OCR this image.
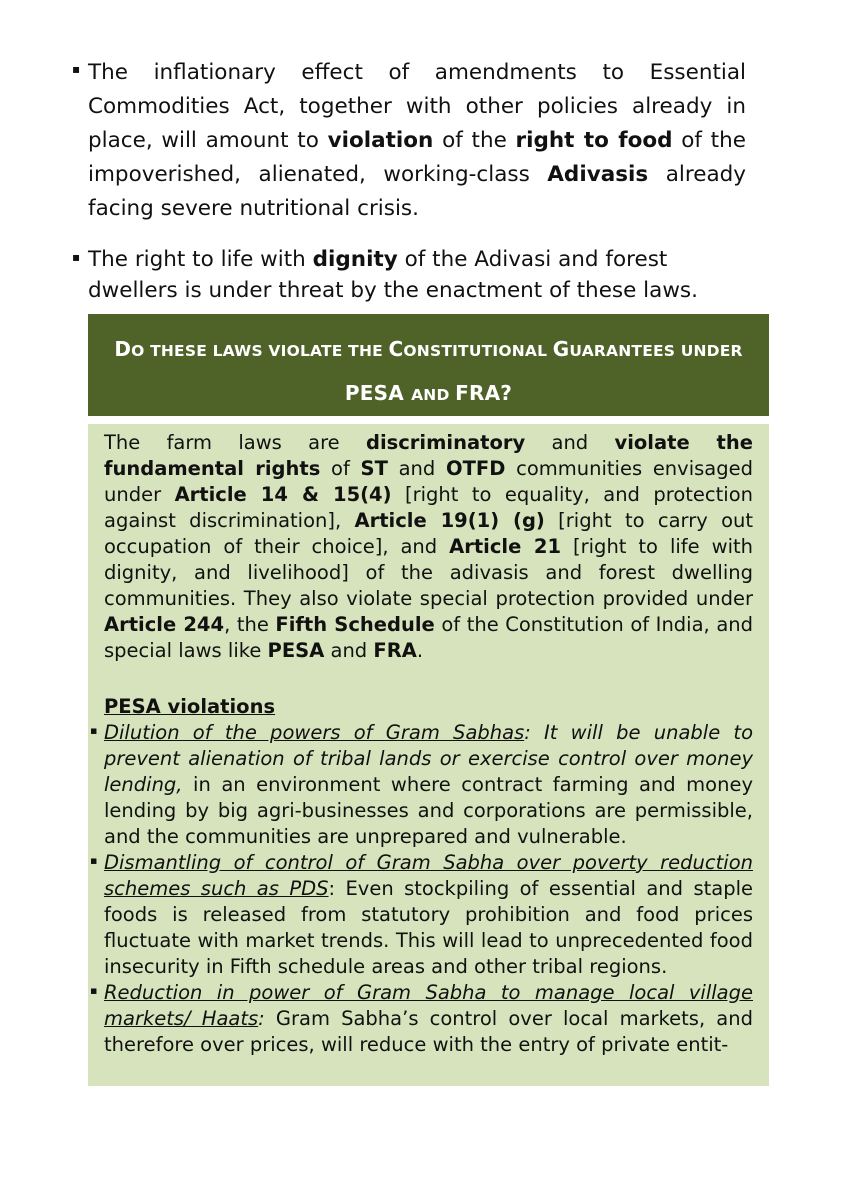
▪ The inflationary effect of amendments to Essential Commodities Act, together with other policies already in place, will amount to violation of the right to food of the impoverished, alienated, working-class Adivasis already facing severe nutritional crisis.
▪ The right to life with dignity of the Adivasi and forest dwellers is under threat by the enactment of these laws.
DO THESE LAWS VIOLATE THE CONSTITUTIONAL GUARANTEES UNDER
PESA AND FRA?

The farm laws are discriminatory and violate the fundamental rights of ST and OTFD communities envisaged under Article 14 & 15(4) [right to equality, and protection against discrimination], Article 19(1) (g) [right to carry out occupation of their choice], and Article 21 [right to life with dignity, and livelihood] of the adivasis and forest dwelling communities. They also violate special protection provided under Article 244, the Fifth Schedule of the Constitution of India, and special laws like PESA and FRA.

PESA violations
▪ Dilution of the powers of Gram Sabhas: It will be unable to prevent alienation of tribal lands or exercise control over money lending, in an environment where contract farming and money lending by big agri-businesses and corporations are permissible, and the communities are unprepared and vulnerable.
▪ Dismantling of control of Gram Sabha over poverty reduction schemes such as PDS: Even stockpiling of essential and staple foods is released from statutory prohibition and food prices fluctuate with market trends. This will lead to unprecedented food insecurity in Fifth schedule areas and other tribal regions.
▪ Reduction in power of Gram Sabha to manage local village markets/ Haats: Gram Sabha’s control over local markets, and therefore over prices, will reduce with the entry of private entit-
